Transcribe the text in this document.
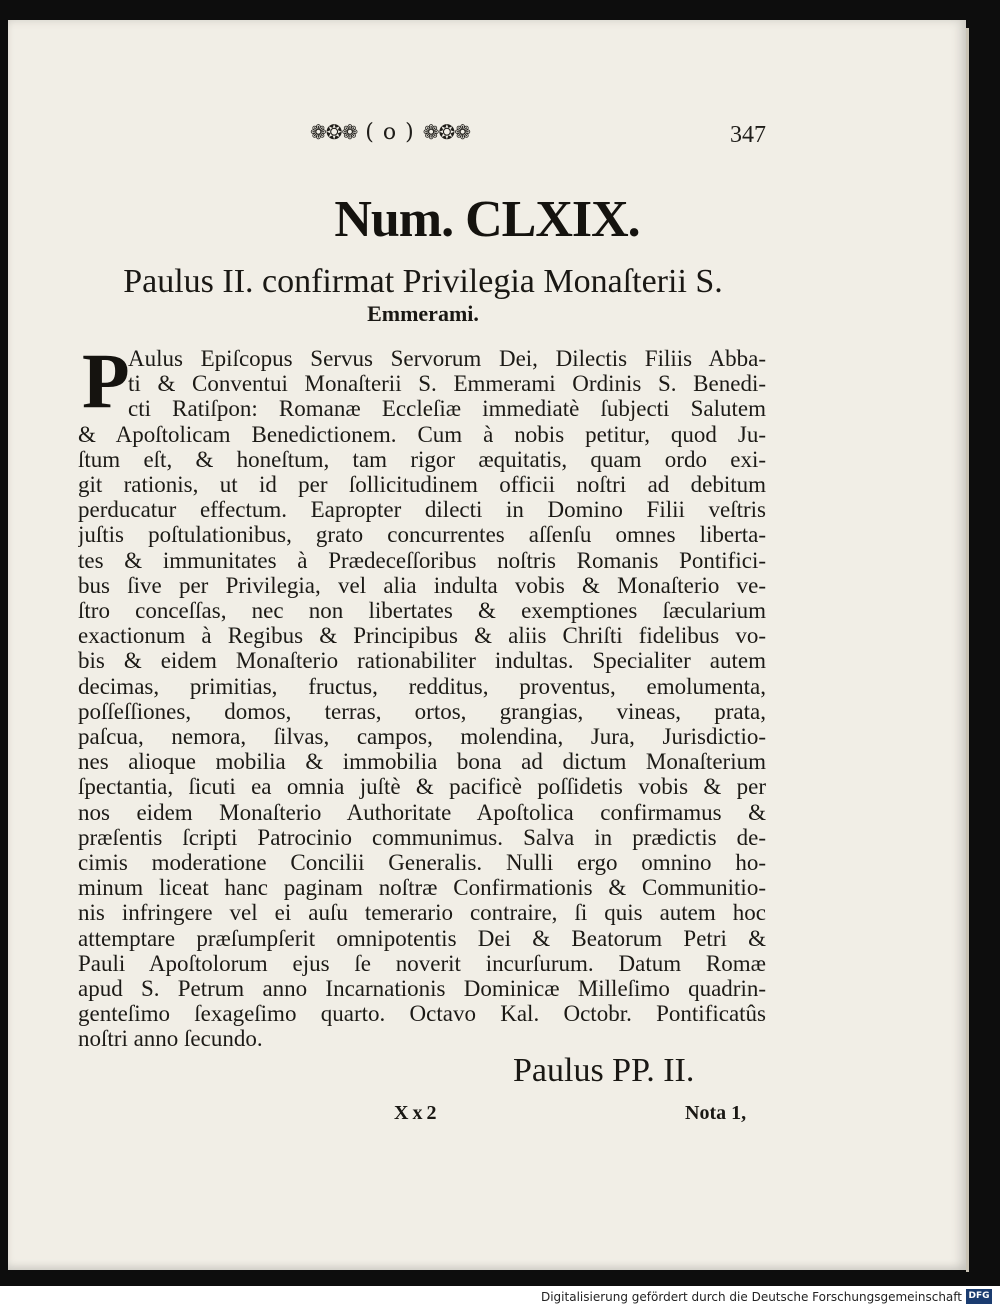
❁❂❁ ( o ) ❁❂❁	347
Num. CLXIX.
Paulus II. confirmat Privilegia Monaſterii S.
Emmerami.
P
Aulus Epiſcopus Servus Servorum Dei, Dilectis Filiis Abba-
ti & Conventui Monaſterii S. Emmerami Ordinis S. Benedi-
cti Ratiſpon: Romanæ Eccleſiæ immediatè ſubjecti Salutem
& Apoſtolicam Benedictionem. Cum à nobis petitur, quod Ju-
ſtum eſt, & honeſtum, tam rigor æquitatis, quam ordo exi-
git rationis, ut id per ſollicitudinem officii noſtri ad debitum
perducatur effectum. Eapropter dilecti in Domino Filii veſtris
juſtis poſtulationibus, grato concurrentes aſſenſu omnes liberta-
tes & immunitates à Prædeceſſoribus noſtris Romanis Pontifici-
bus ſive per Privilegia, vel alia indulta vobis & Monaſterio ve-
ſtro conceſſas, nec non libertates & exemptiones ſæcularium
exactionum à Regibus & Principibus & aliis Chriſti fidelibus vo-
bis & eidem Monaſterio rationabiliter indultas. Specialiter autem
decimas, primitias, fructus, redditus, proventus, emolumenta,
poſſeſſiones, domos, terras, ortos, grangias, vineas, prata,
paſcua, nemora, ſilvas, campos, molendina, Jura, Jurisdictio-
nes alioque mobilia & immobilia bona ad dictum Monaſterium
ſpectantia, ſicuti ea omnia juſtè & pacificè poſſidetis vobis & per
nos eidem Monaſterio Authoritate Apoſtolica confirmamus &
præſentis ſcripti Patrocinio communimus. Salva in prædictis de-
cimis moderatione Concilii Generalis. Nulli ergo omnino ho-
minum liceat hanc paginam noſtræ Confirmationis & Communitio-
nis infringere vel ei auſu temerario contraire, ſi quis autem hoc
attemptare præſumpſerit omnipotentis Dei & Beatorum Petri &
Pauli Apoſtolorum ejus ſe noverit incurſurum. Datum Romæ
apud S. Petrum anno Incarnationis Dominicæ Milleſimo quadrin-
genteſimo ſexageſimo quarto. Octavo Kal. Octobr. Pontificatûs
noſtri anno ſecundo.
Paulus PP. II.
Xx2	Nota 1,
Digitalisierung gefördert durch die Deutsche Forschungsgemeinschaft DFG
